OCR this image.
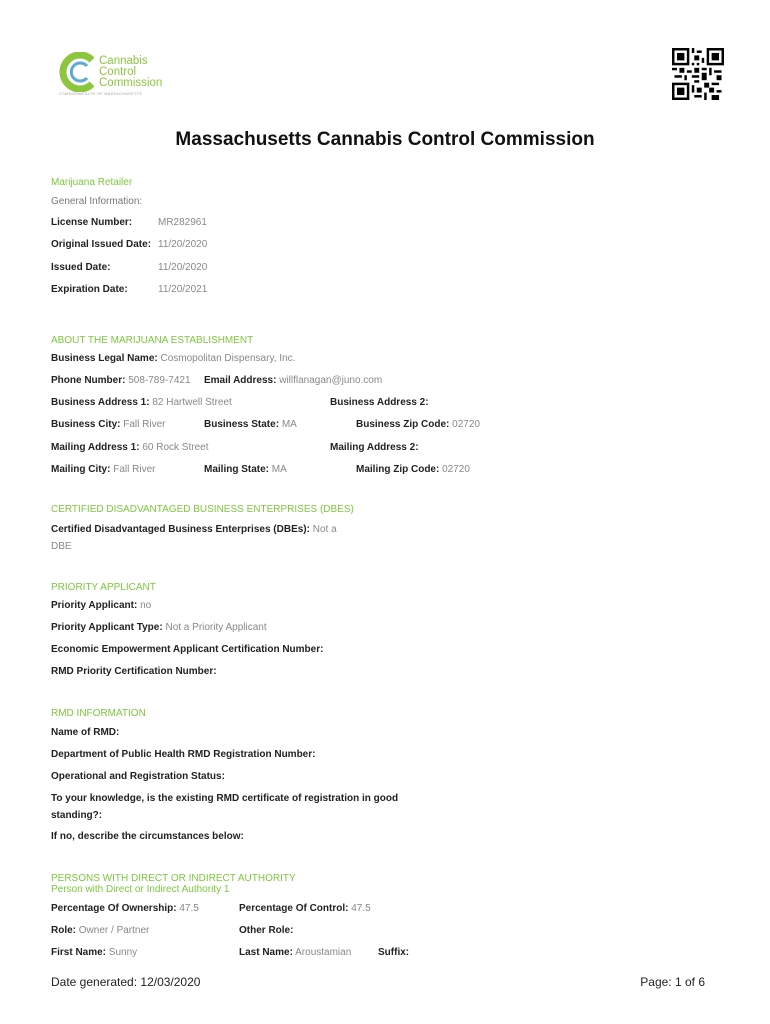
Cannabis
Control
Commission
COMMONWEALTH OF MASSACHUSETTS
Massachusetts Cannabis Control Commission
Marijuana Retailer
General Information:
License Number:	MR282961
Original Issued Date: 11/20/2020
Issued Date:	11/20/2020
Expiration Date:	11/20/2021
ABOUT THE MARIJUANA ESTABLISHMENT
Business Legal Name: Cosmopolitan Dispensary, Inc.
Phone Number: 508-789-7421 Email Address: willflanagan@juno.com
Business Address 1: 82 Hartwell Street	Business Address 2:
Business City: Fall River	Business State: MA	Business Zip Code: 02720
Mailing Address 1: 60 Rock Street	Mailing Address 2:
Mailing City: Fall River	Mailing State: MA	Mailing Zip Code: 02720
CERTIFIED DISADVANTAGED BUSINESS ENTERPRISES (DBES)
Certified Disadvantaged Business Enterprises (DBEs): Not a
DBE
PRIORITY APPLICANT
Priority Applicant: no
Priority Applicant Type: Not a Priority Applicant
Economic Empowerment Applicant Certification Number:
RMD Priority Certification Number:
RMD INFORMATION
Name of RMD:
Department of Public Health RMD Registration Number:
Operational and Registration Status:
To your knowledge, is the existing RMD certificate of registration in good
standing?:
If no, describe the circumstances below:
PERSONS WITH DIRECT OR INDIRECT AUTHORITY
Person with Direct or Indirect Authority 1
Percentage Of Ownership: 47.5	Percentage Of Control: 47.5
Role: Owner / Partner	Other Role:
First Name: Sunny	Last Name: Aroustamian	Suffix:
Date generated: 12/03/2020	Page: 1 of 6
